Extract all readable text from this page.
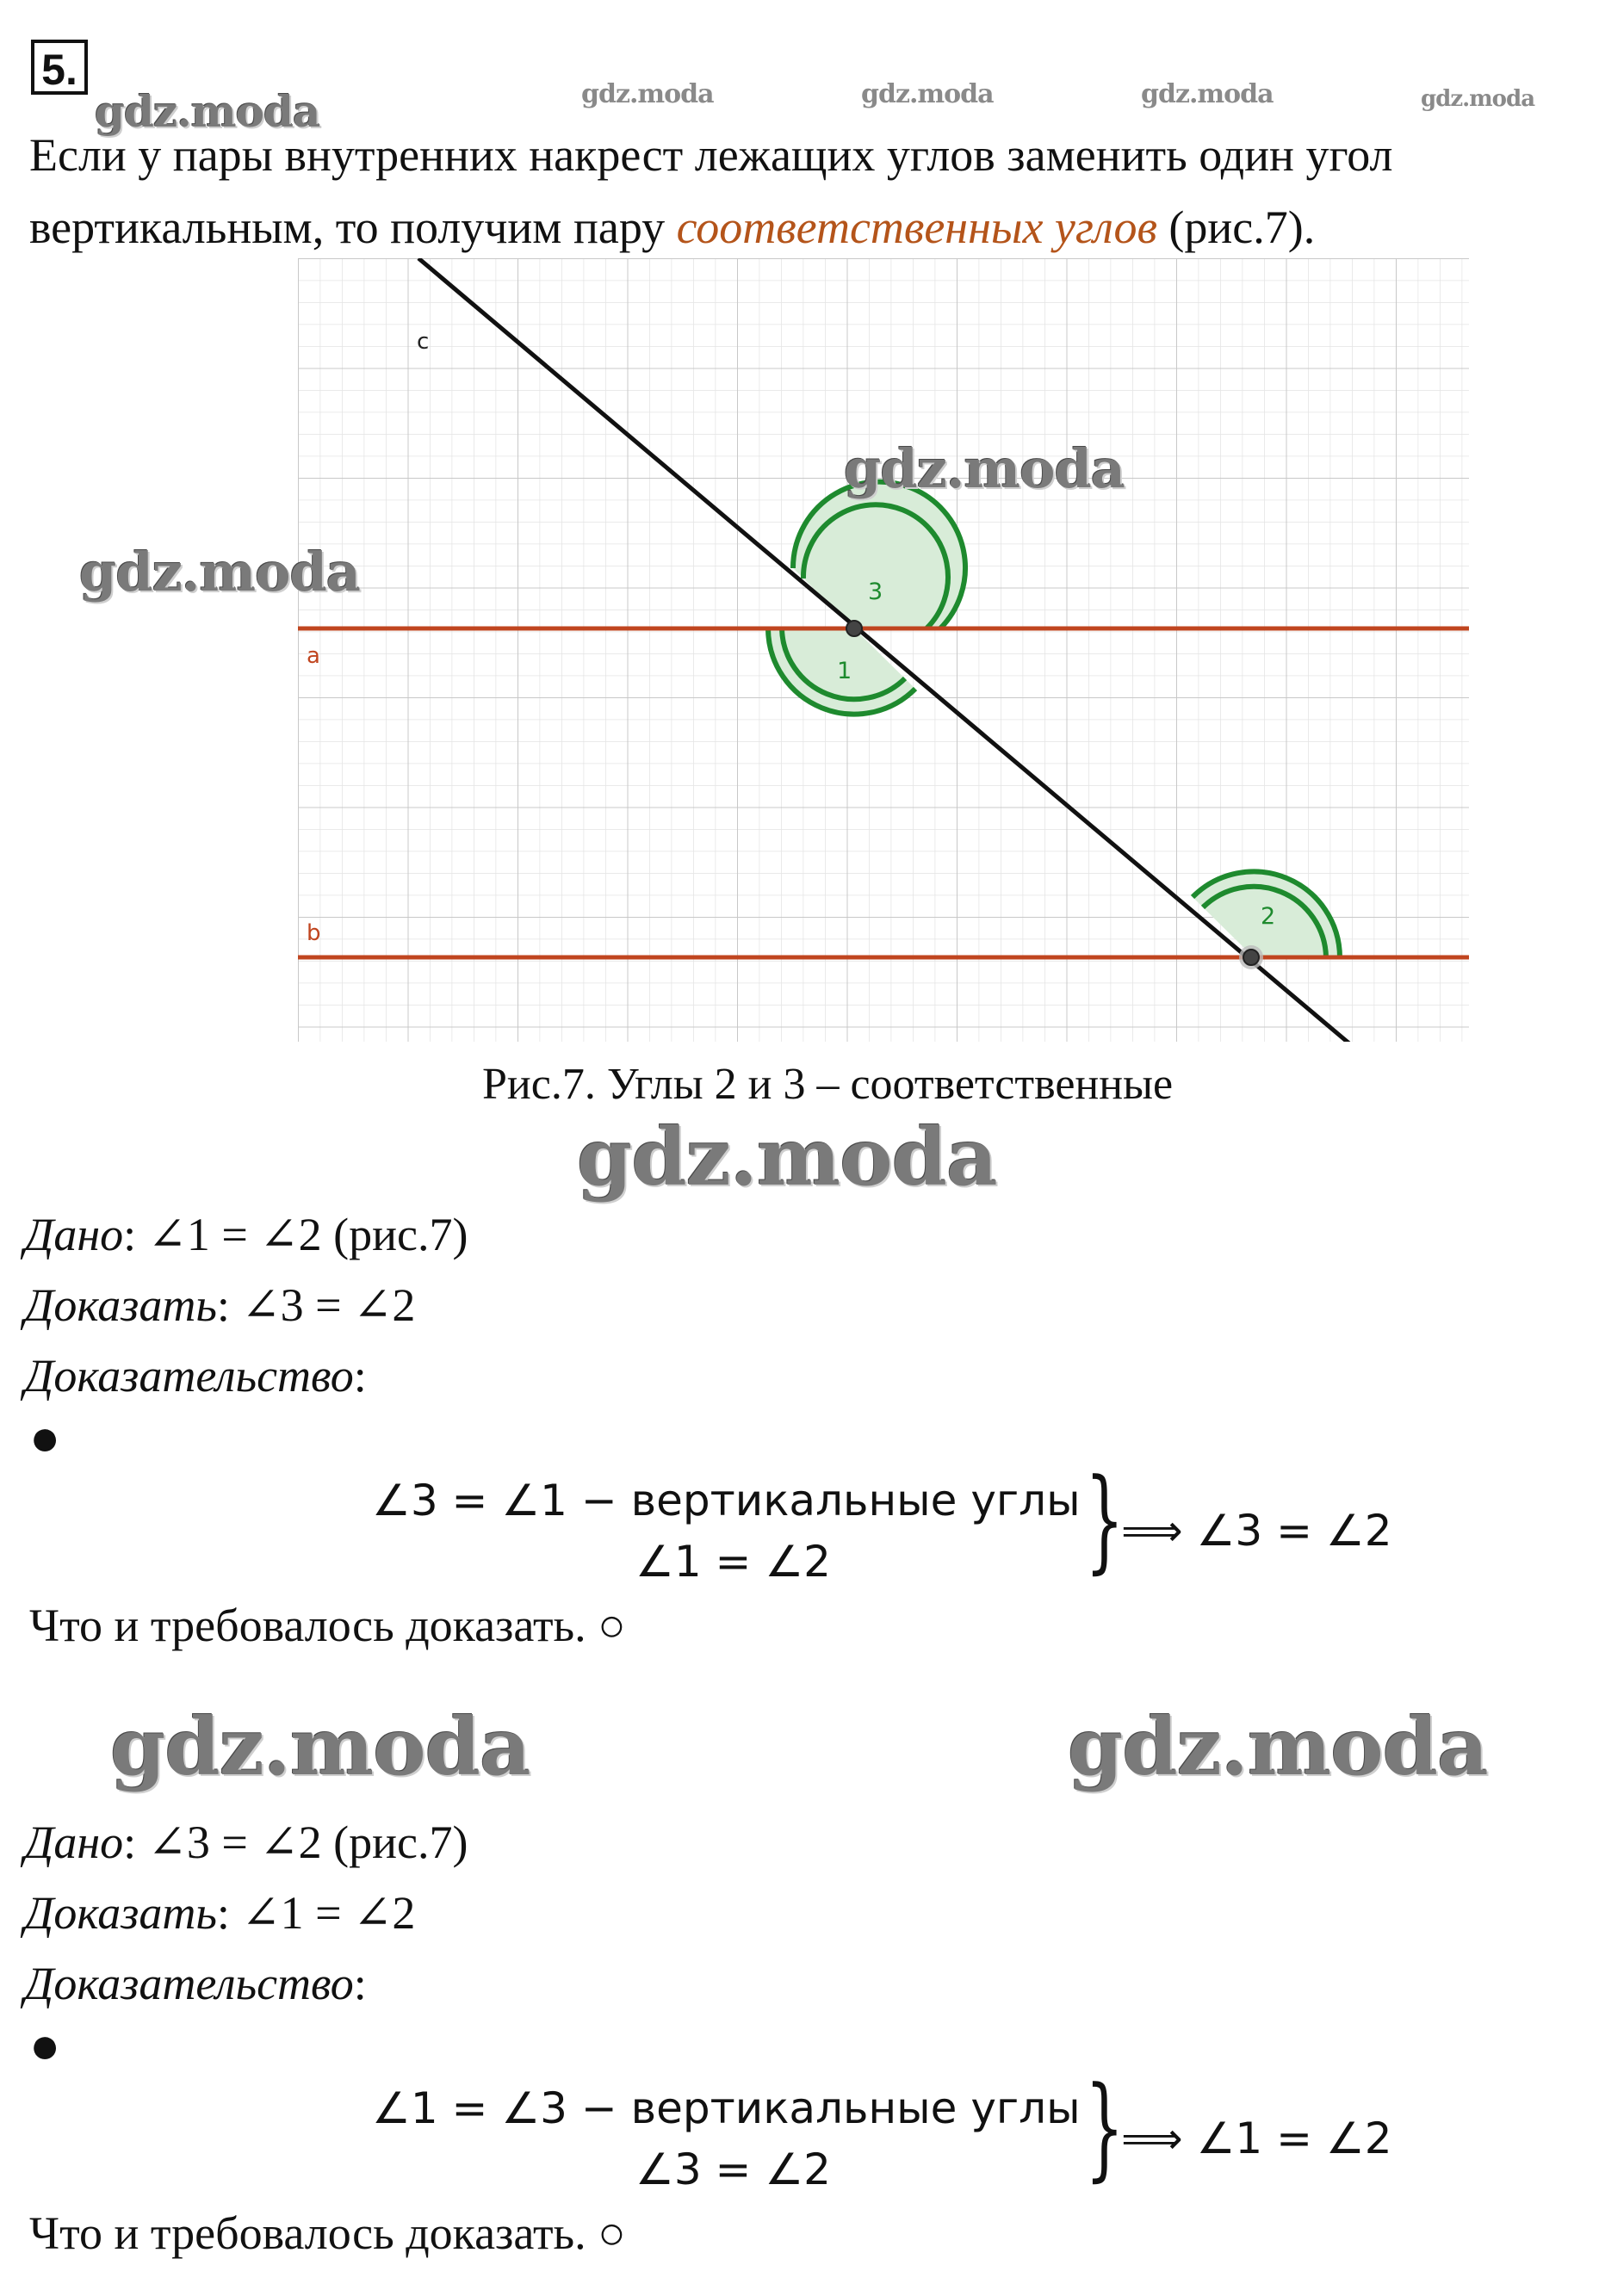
5.
gdz.moda	gdz.moda	gdz.moda	gdz.moda	gdz.moda
Если у пары внутренних накрест лежащих углов заменить один угол вертикальным, то получим пару соответственных углов (рис.7).
c
a
b
3
1
2
gdz.moda
gdz.moda
Рис.7. Углы 2 и 3 – соответственные
gdz.moda
Дано: ∠1 = ∠2 (рис.7)
Доказать: ∠3 = ∠2
Доказательство:
●
∠3 = ∠1 − вертикальные углы
∠1 = ∠2 }
⟹ ∠3 = ∠2
Что и требовалось доказать. ○
gdz.moda	gdz.moda
Дано: ∠3 = ∠2 (рис.7)
Доказать: ∠1 = ∠2
Доказательство:
●
∠1 = ∠3 − вертикальные углы
∠3 = ∠2 }
⟹ ∠1 = ∠2
Что и требовалось доказать. ○
